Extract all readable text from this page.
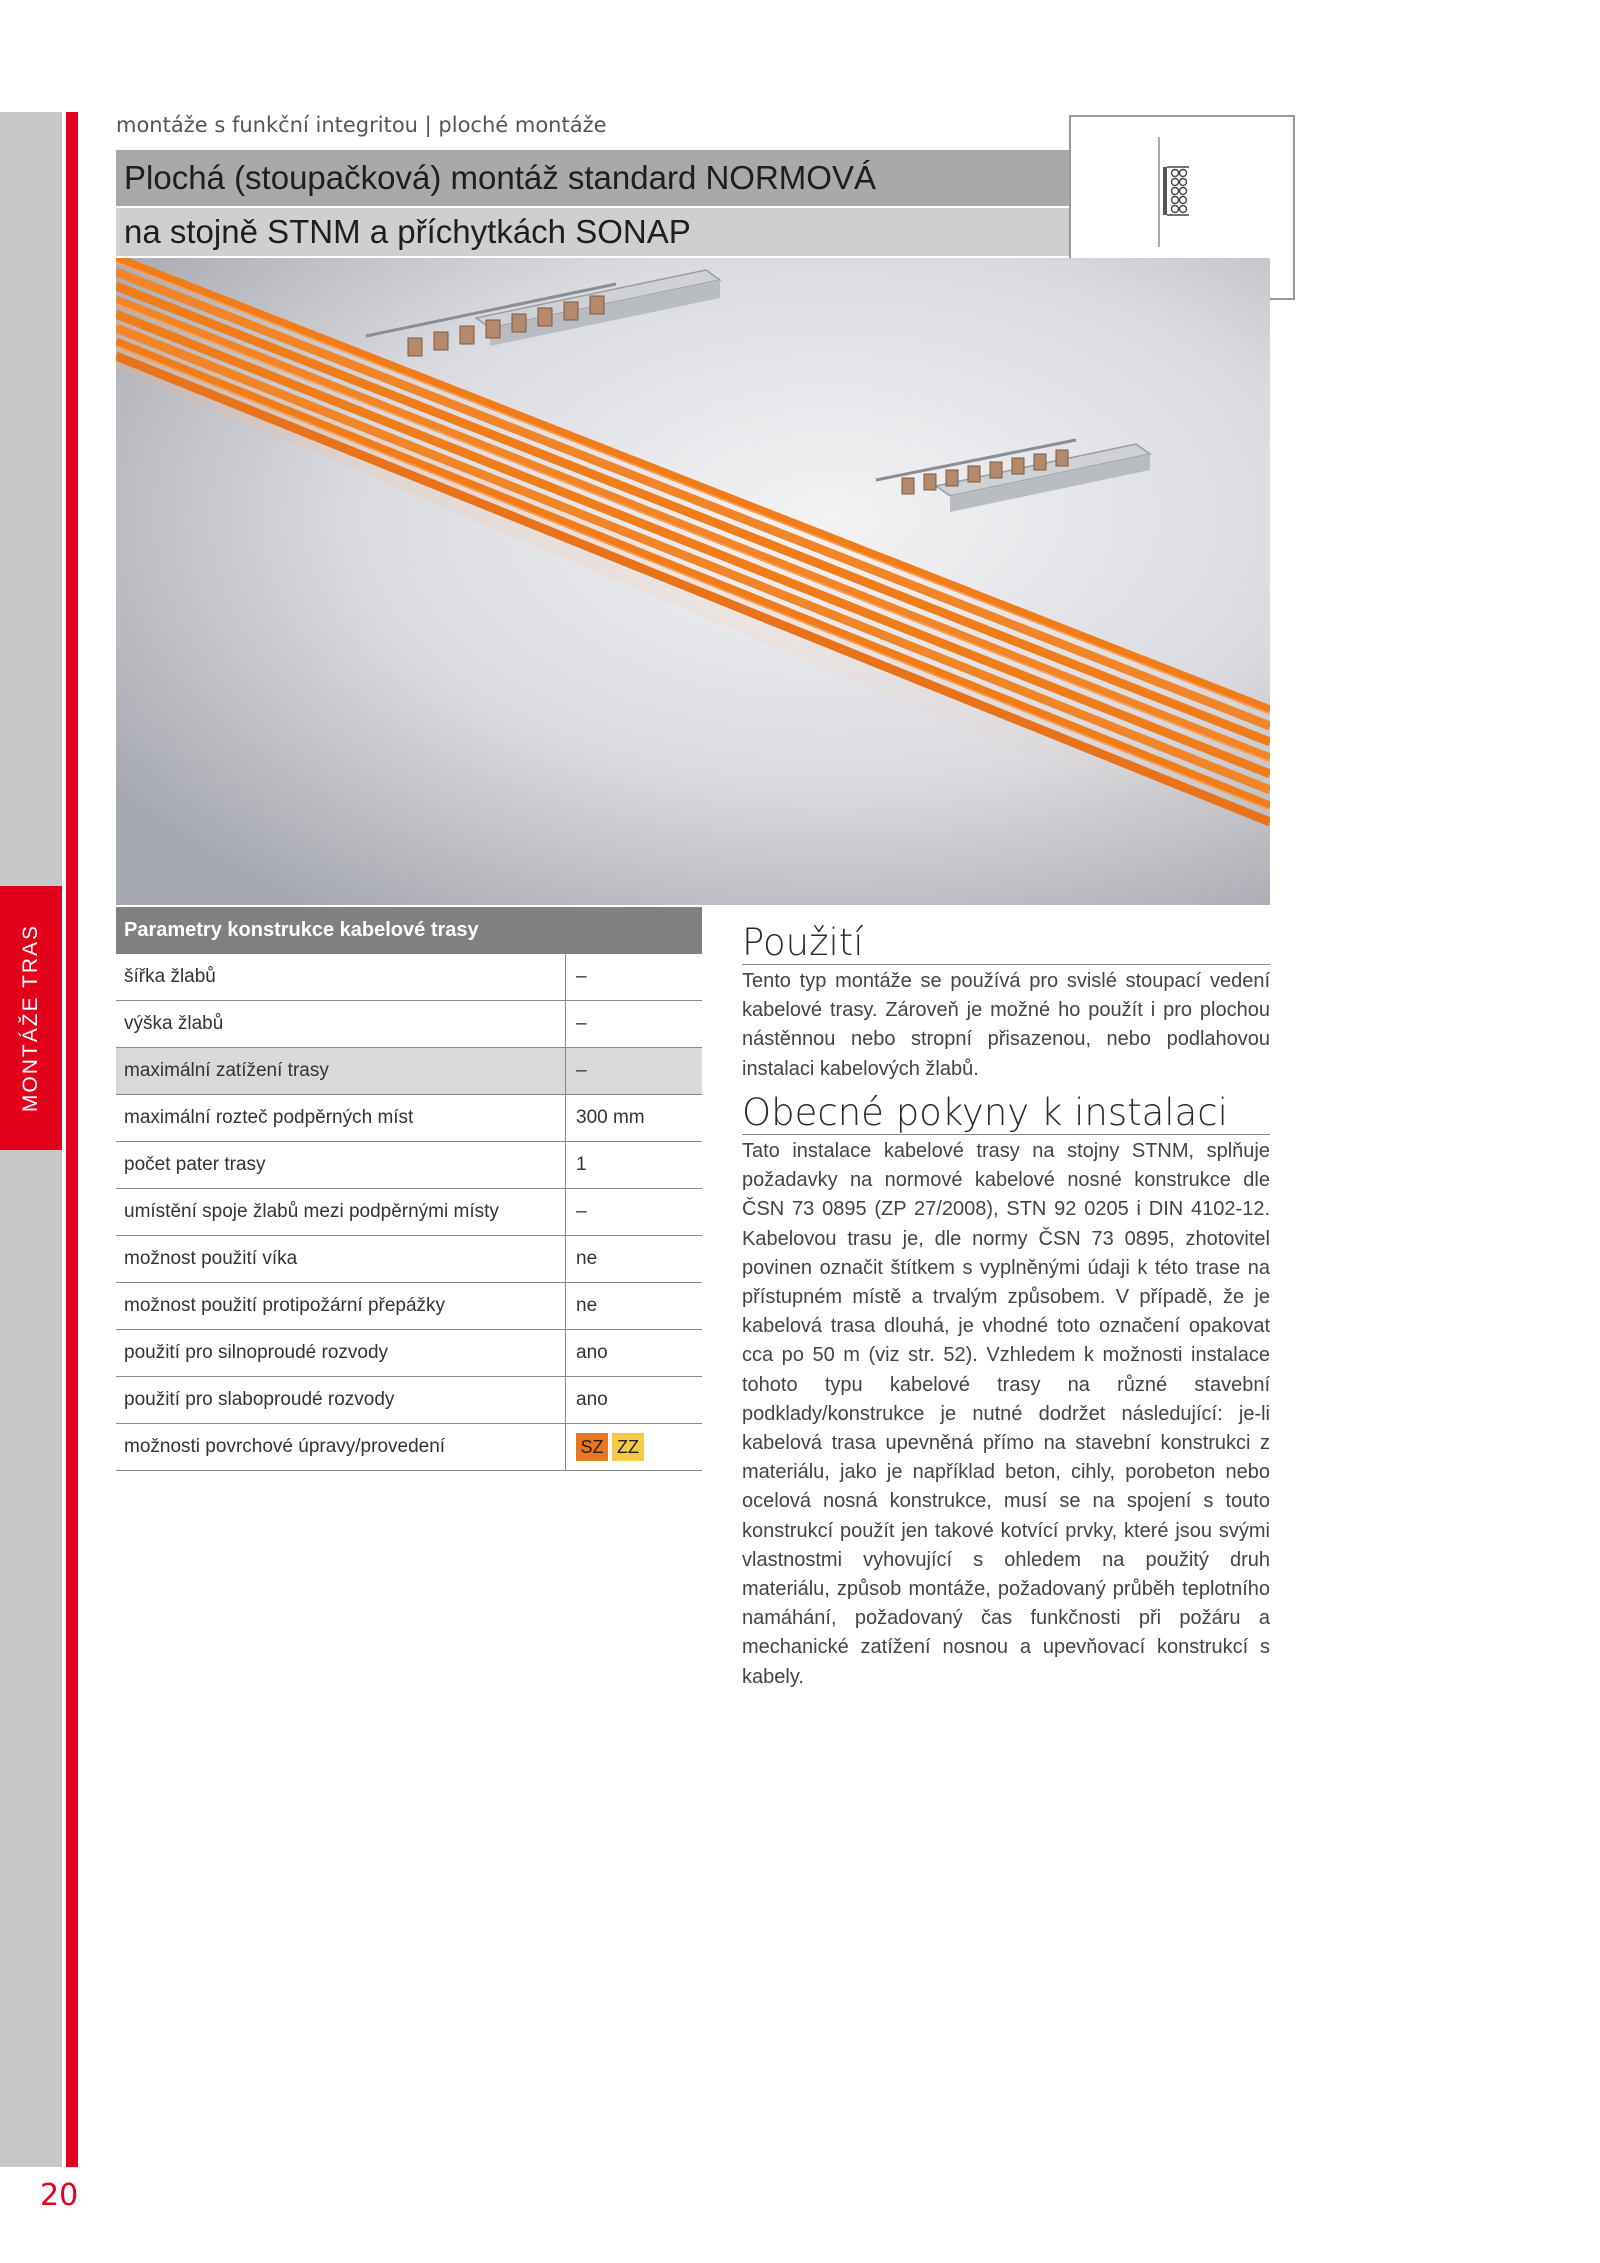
MONTÁŽE TRAS
20
montáže s funkční integritou | ploché montáže
Plochá (stoupačková) montáž standard NORMOVÁ
na stojně STNM a příchytkách SONAP
Parametry konstrukce kabelové trasy
šířka žlabů	–
výška žlabů	–
maximální zatížení trasy	–
maximální rozteč podpěrných míst	300 mm
počet pater trasy	1
umístění spoje žlabů mezi podpěrnými místy	–
možnost použití víka	ne
možnost použití protipožární přepážky	ne
použití pro silnoproudé rozvody	ano
použití pro slaboproudé rozvody	ano
možnosti povrchové úpravy/provedení	SZ ZZ
Použití
Tento typ montáže se používá pro svislé stoupací vedení kabelové trasy. Zároveň je možné ho použít i pro plochou nástěnnou nebo stropní přisazenou, nebo podlahovou instalaci kabelových žlabů.
Obecné pokyny k instalaci
Tato instalace kabelové trasy na stojny STNM, splňuje požadavky na normové kabelové nosné konstrukce dle ČSN 73 0895 (ZP 27/2008), STN 92 0205 i DIN 4102-12. Kabelovou trasu je, dle normy ČSN 73 0895, zhotovitel povinen označit štítkem s vyplněnými údaji k této trase na přístupném místě a trvalým způsobem. V případě, že je kabelová trasa dlouhá, je vhodné toto označení opakovat cca po 50 m (viz str. 52). Vzhledem k možnosti instalace tohoto typu kabelové trasy na různé stavební podklady/konstrukce je nutné dodržet následující: je-li kabelová trasa upevněná přímo na stavební konstrukci z materiálu, jako je například beton, cihly, porobeton nebo ocelová nosná konstrukce, musí se na spojení s touto konstrukcí použít jen takové kotvící prvky, které jsou svými vlastnostmi vyhovující s ohledem na použitý druh materiálu, způsob montáže, požadovaný průběh teplotního namáhání, požadovaný čas funkčnosti při požáru a mechanické zatížení nosnou a upevňovací konstrukcí s kabely.
